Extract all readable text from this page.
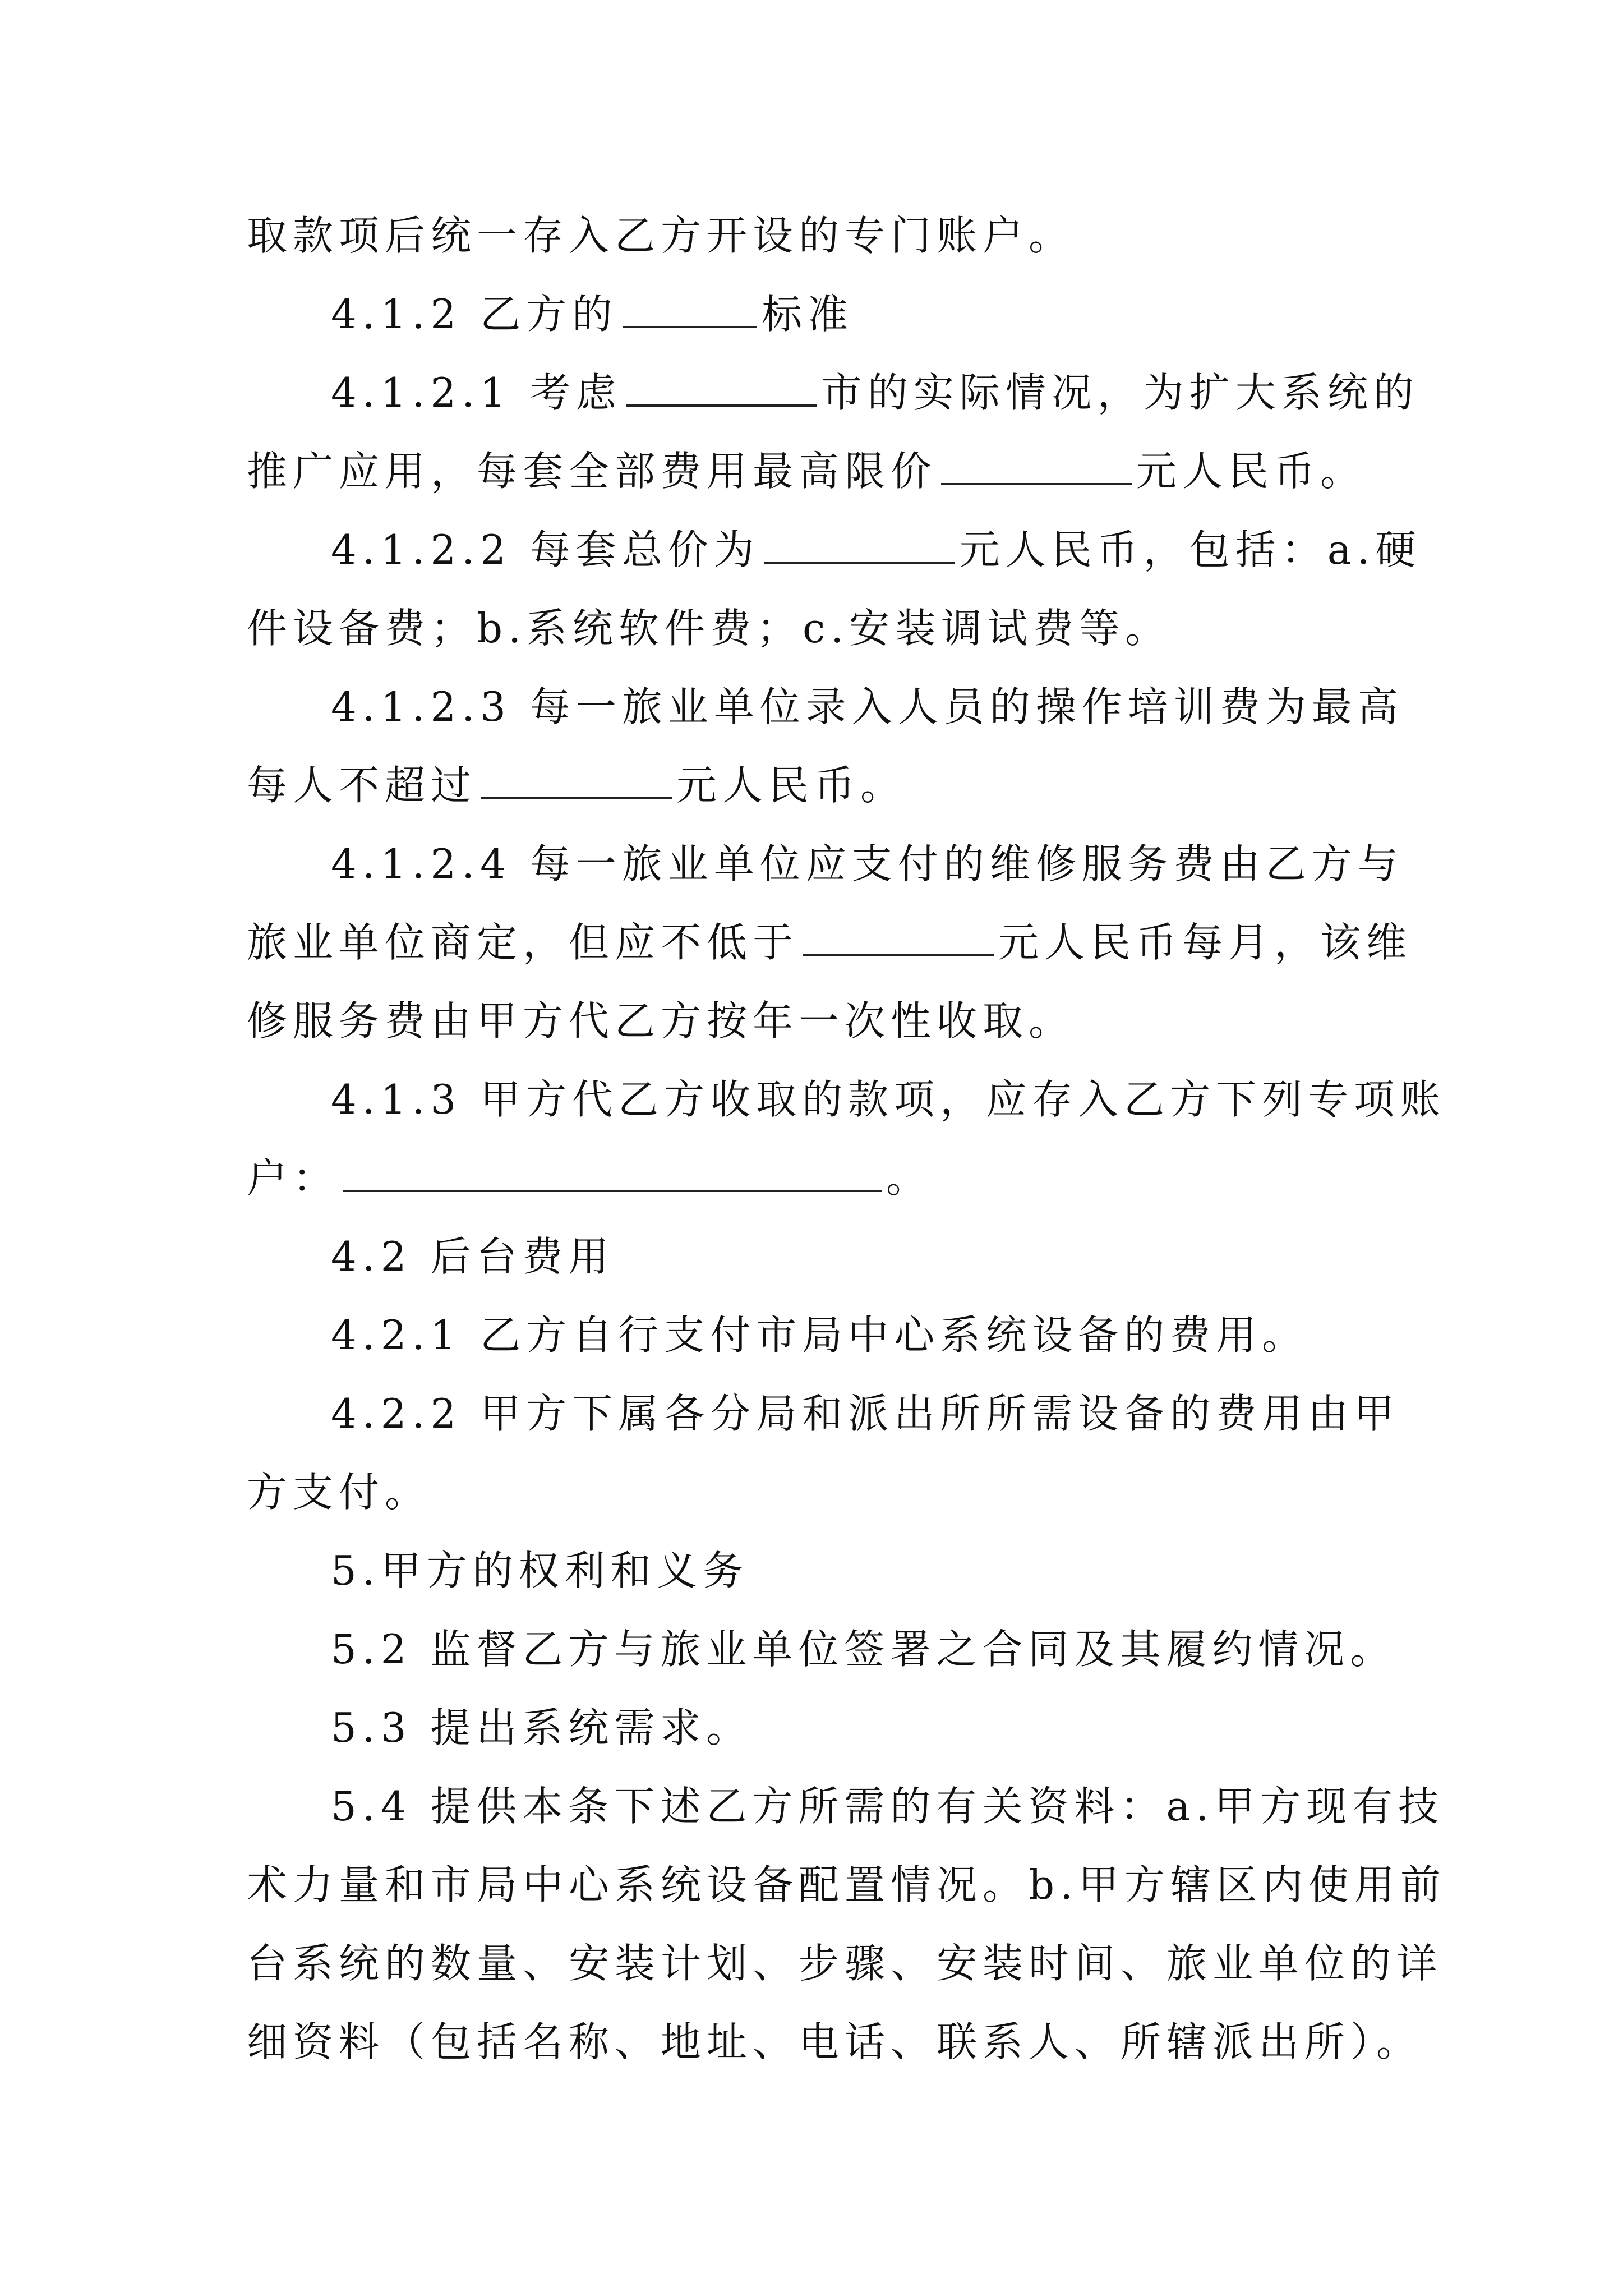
取款项后统一存入乙方开设的专门账户。
4.1.2 乙方的	标准
4.1.2.1 考虑	市的实际情况，为扩大系统的
推广应用，每套全部费用最高限价	元人民币。
4.1.2.2 每套总价为	元人民币，包括：a.硬
件设备费；b.系统软件费；c.安装调试费等。
4.1.2.3 每一旅业单位录入人员的操作培训费为最高
每人不超过	元人民币。
4.1.2.4 每一旅业单位应支付的维修服务费由乙方与
旅业单位商定，但应不低于	元人民币每月，该维
修服务费由甲方代乙方按年一次性收取。
4.1.3 甲方代乙方收取的款项，应存入乙方下列专项账
户：	。
4.2 后台费用
4.2.1 乙方自行支付市局中心系统设备的费用。
4.2.2 甲方下属各分局和派出所所需设备的费用由甲
方支付。
5.甲方的权利和义务
5.2 监督乙方与旅业单位签署之合同及其履约情况。
5.3 提出系统需求。
5.4 提供本条下述乙方所需的有关资料：a.甲方现有技
术力量和市局中心系统设备配置情况。b.甲方辖区内使用前
台系统的数量、安装计划、步骤、安装时间、旅业单位的详
细资料（包括名称、地址、电话、联系人、所辖派出所）。
